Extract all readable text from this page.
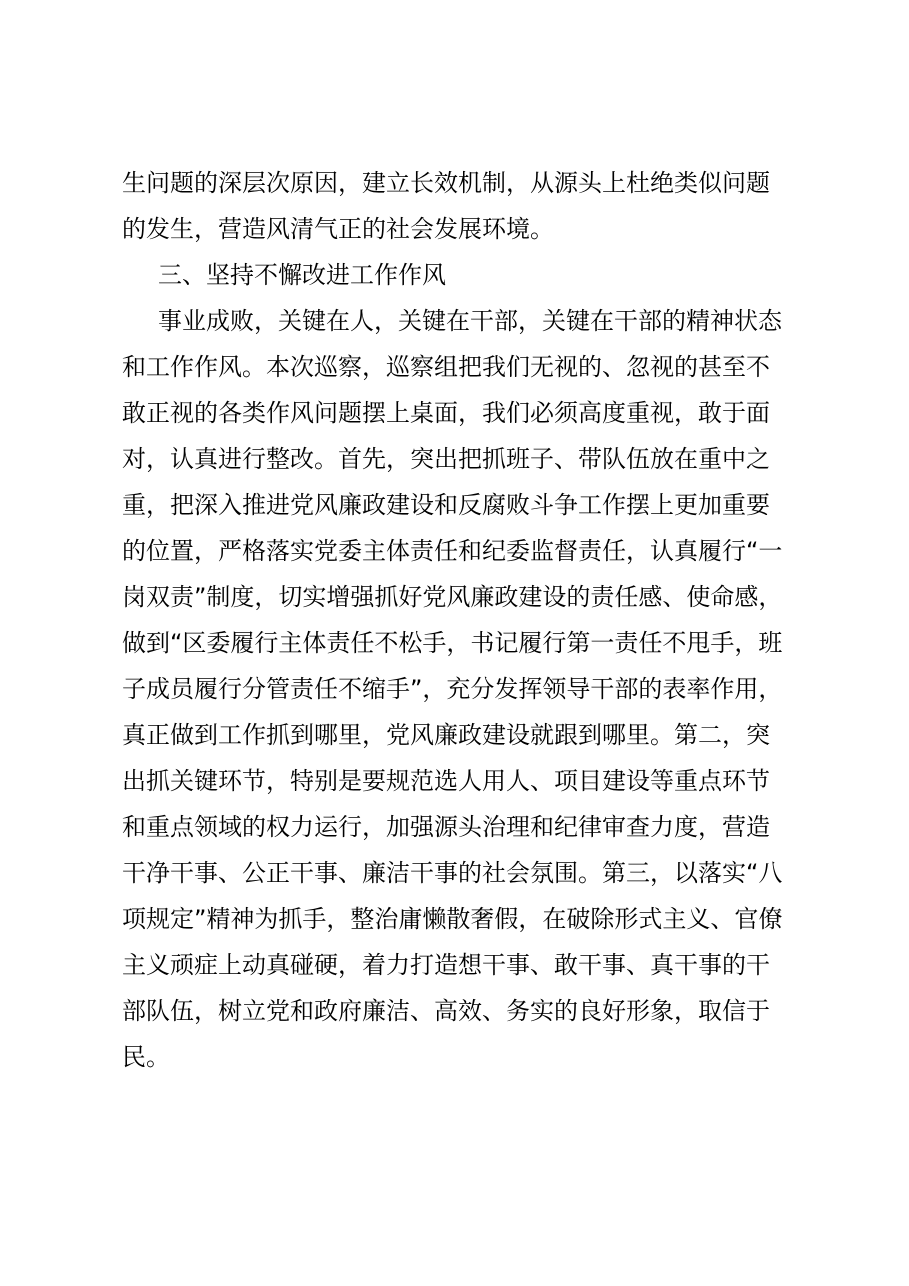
生问题的深层次原因，建立长效机制，从源头上杜绝类似问题
的发生，营造风清气正的社会发展环境。
三、坚持不懈改进工作作风
事业成败，关键在人，关键在干部，关键在干部的精神状态
和工作作风。本次巡察，巡察组把我们无视的、忽视的甚至不
敢正视的各类作风问题摆上桌面，我们必须高度重视，敢于面
对，认真进行整改。首先，突出把抓班子、带队伍放在重中之
重，把深入推进党风廉政建设和反腐败斗争工作摆上更加重要
的位置，严格落实党委主体责任和纪委监督责任，认真履行“一
岗双责”制度，切实增强抓好党风廉政建设的责任感、使命感，
做到“区委履行主体责任不松手，书记履行第一责任不甩手，班
子成员履行分管责任不缩手”，充分发挥领导干部的表率作用，
真正做到工作抓到哪里，党风廉政建设就跟到哪里。第二，突
出抓关键环节，特别是要规范选人用人、项目建设等重点环节
和重点领域的权力运行，加强源头治理和纪律审查力度，营造
干净干事、公正干事、廉洁干事的社会氛围。第三，以落实“八
项规定”精神为抓手，整治庸懒散奢假，在破除形式主义、官僚
主义顽症上动真碰硬，着力打造想干事、敢干事、真干事的干
部队伍，树立党和政府廉洁、高效、务实的良好形象，取信于
民。
